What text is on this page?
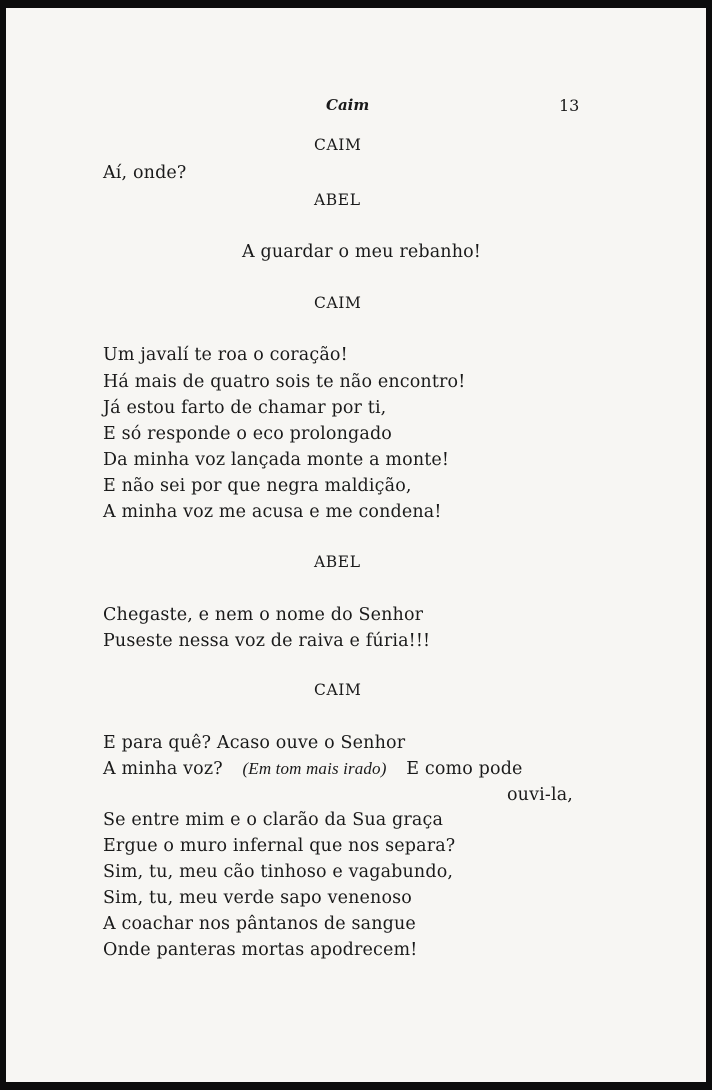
Caim	13
CAIM
Aí, onde?
ABEL
A guardar o meu rebanho!
CAIM
Um javalí te roa o coração!
Há mais de quatro sois te não encontro!
Já estou farto de chamar por ti,
E só responde o eco prolongado
Da minha voz lançada monte a monte!
E não sei por que negra maldição,
A minha voz me acusa e me condena!
ABEL
Chegaste, e nem o nome do Senhor
Puseste nessa voz de raiva e fúria!!!
CAIM
E para quê? Acaso ouve o Senhor
A minha voz? (Em tom mais irado) E como pode
ouvi-la,
Se entre mim e o clarão da Sua graça
Ergue o muro infernal que nos separa?
Sim, tu, meu cão tinhoso e vagabundo,
Sim, tu, meu verde sapo venenoso
A coachar nos pântanos de sangue
Onde panteras mortas apodrecem!
